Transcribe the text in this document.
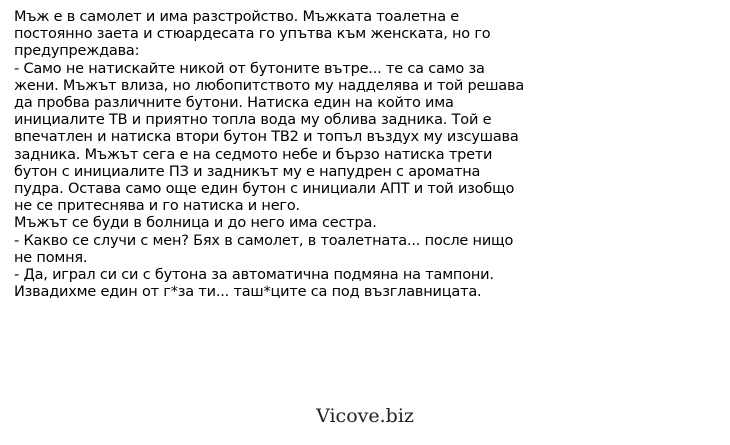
Мъж е в самолет и има разстройство. Мъжката тоалетна е
постоянно заета и стюардесата го упътва към женската, но го
предупреждава:
- Само не натискайте никой от бутоните вътре... те са само за
жени. Мъжът влиза, но любопитството му надделява и той решава
да пробва различните бутони. Натиска един на който има
инициалите ТВ и приятно топла вода му облива задника. Той е
впечатлен и натиска втори бутон ТВ2 и топъл въздух му изсушава
задника. Мъжът сега е на седмото небе и бързо натиска трети
бутон с инициалите ПЗ и задникът му е напудрен с ароматна
пудра. Остава само още един бутон с инициали АПТ и той изобщо
не се притеснява и го натиска и него.
Мъжът се буди в болница и до него има сестра.
- Какво се случи с мен? Бях в самолет, в тоалетната... после нищо
не помня.
- Да, играл си си с бутона за автоматична подмяна на тампони.
Извадихме един от г*за ти... таш*ците са под възглавницата.
Vicove.biz
